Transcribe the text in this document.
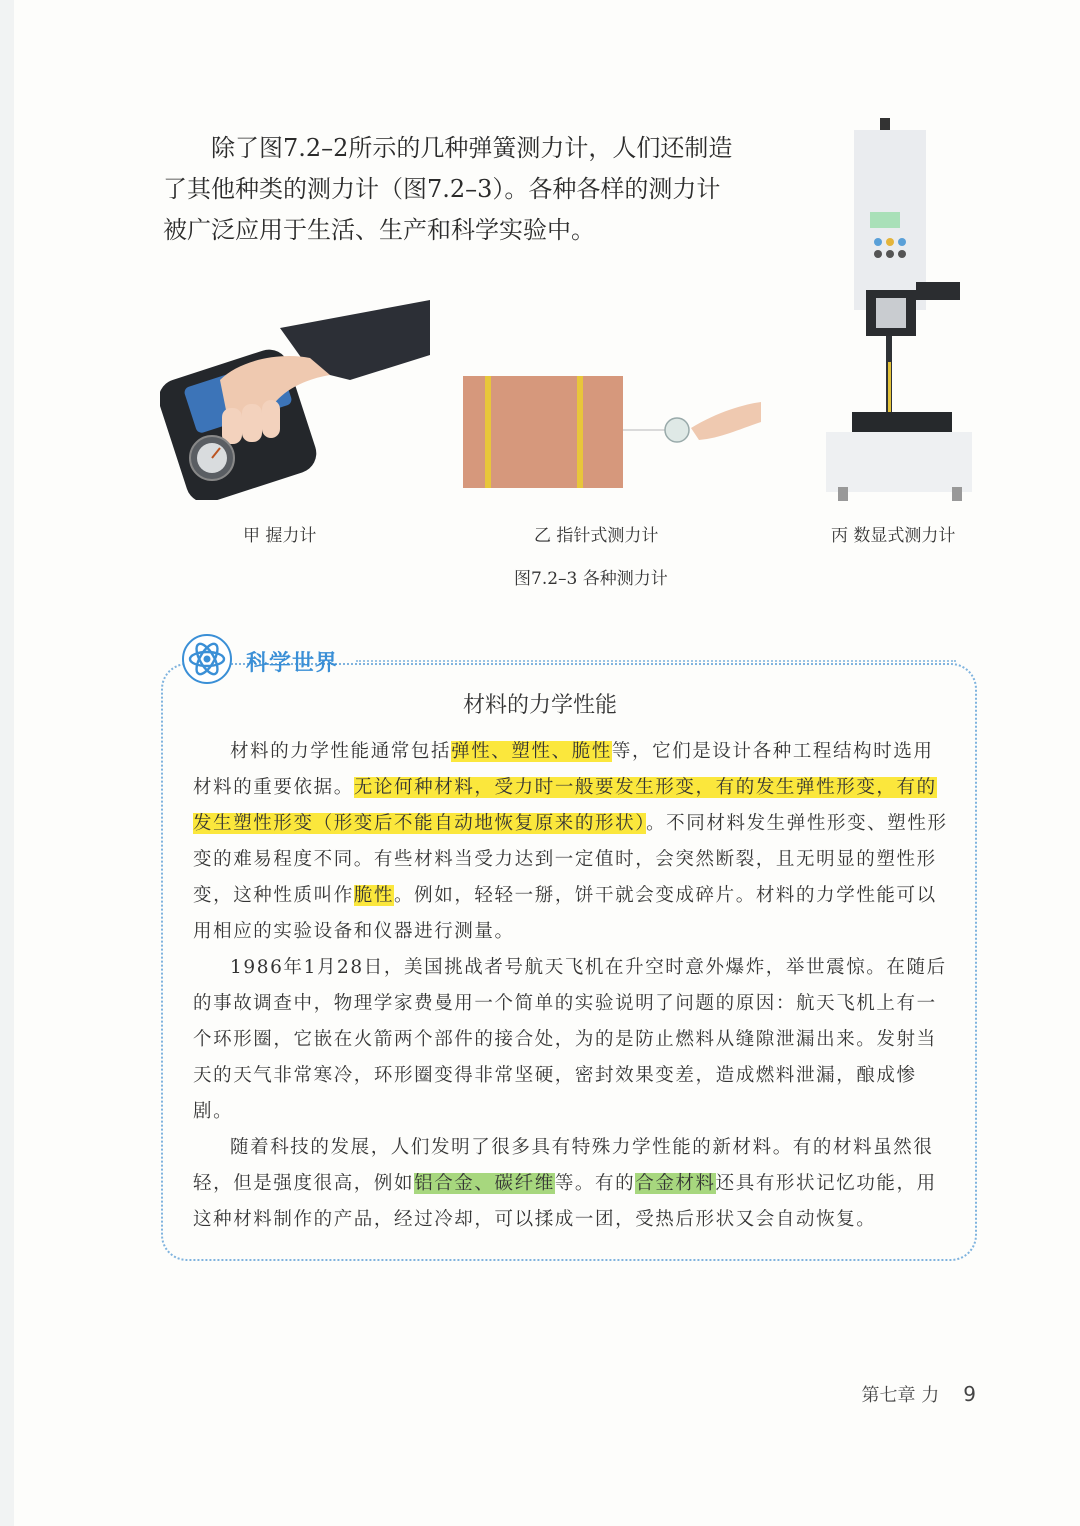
除了图7.2–2所示的几种弹簧测力计，人们还制造

了其他种类的测力计（图7.2–3）。各种各样的测力计

被广泛应用于生活、生产和科学实验中。

甲 握力计	乙 指针式测力计	丙 数显式测力计
图7.2–3 各种测力计
科学世界
材料的力学性能

材料的力学性能通常包括弹性、塑性、脆性等，它们是设计各种工程结构时选用材料的重要依据。无论何种材料，受力时一般要发生形变，有的发生弹性形变，有的发生塑性形变（形变后不能自动地恢复原来的形状）。不同材料发生弹性形变、塑性形变的难易程度不同。有些材料当受力达到一定值时，会突然断裂，且无明显的塑性形变，这种性质叫作脆性。例如，轻轻一掰，饼干就会变成碎片。材料的力学性能可以用相应的实验设备和仪器进行测量。

1986年1月28日，美国挑战者号航天飞机在升空时意外爆炸，举世震惊。在随后的事故调查中，物理学家费曼用一个简单的实验说明了问题的原因：航天飞机上有一个环形圈，它嵌在火箭两个部件的接合处，为的是防止燃料从缝隙泄漏出来。发射当天的天气非常寒冷，环形圈变得非常坚硬，密封效果变差，造成燃料泄漏，酿成惨剧。

随着科技的发展，人们发明了很多具有特殊力学性能的新材料。有的材料虽然很轻，但是强度很高，例如铝合金、碳纤维等。有的合金材料还具有形状记忆功能，用这种材料制作的产品，经过冷却，可以揉成一团，受热后形状又会自动恢复。

第七章 力 9
